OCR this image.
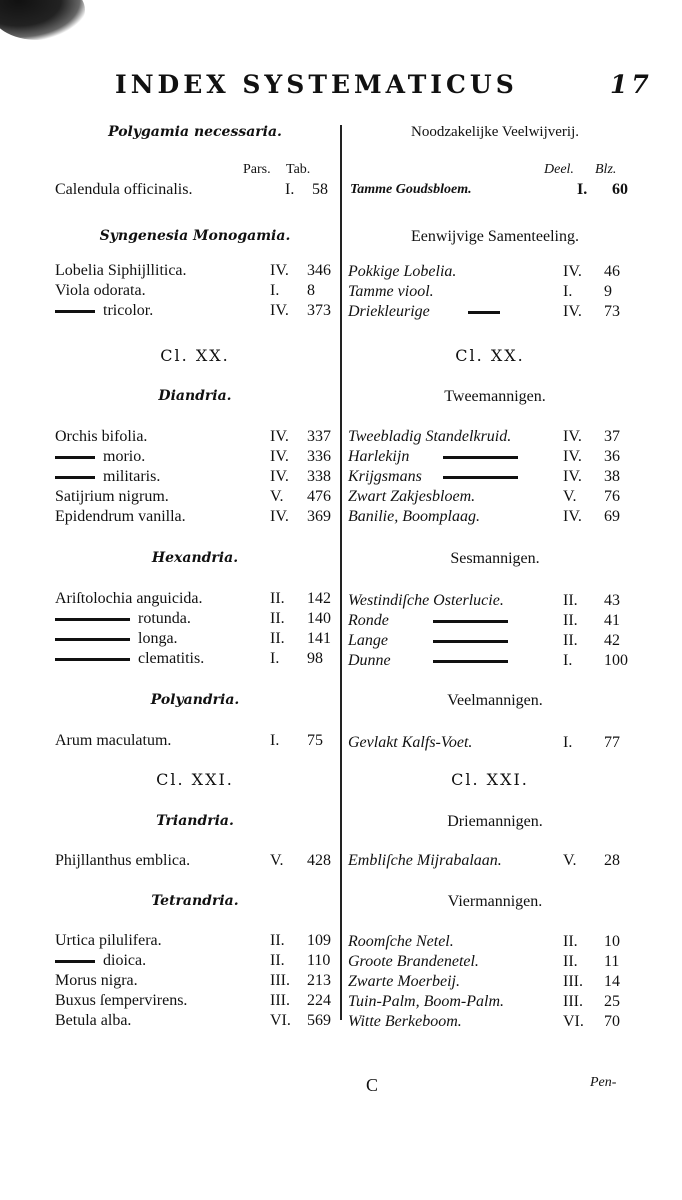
INDEX SYSTEMATICUS	17
Polygamia necessaria.
Pars. Tab.
Calendula officinalis.	I. 58
Syngenesia Monogamia.
Lobelia Siphijllitica.	IV. 346
Viola odorata.	I. 8
tricolor.	IV. 373
Cl. XX.
Diandria.
Orchis bifolia.	IV. 337
morio.	IV. 336
militaris.	IV. 338
Satijrium nigrum.	V. 476
Epidendrum vanilla.	IV. 369
Hexandria.
Ariſtolochia anguicida.	II. 142
rotunda.	II. 140
longa.	II. 141
clematitis.	I. 98
Polyandria.
Arum maculatum.	I. 75
Cl. XXI.
Triandria.
Phijllanthus emblica.	V. 428
Tetrandria.
Urtica pilulifera.	II. 109
dioica.	II. 110
Morus nigra.	III. 213
Buxus ſempervirens.	III. 224
Betula alba.	VI. 569
Noodzakelijke Veelwijverij.
Deel. Blz.
Tamme Goudsbloem.	I. 60
Eenwijvige Samenteeling.
Pokkige Lobelia.	IV. 46
Tamme viool.	I. 9
Driekleurige	IV. 73
Cl. XX.
Tweemannigen.
Tweebladig Standelkruid.	IV. 37
Harlekijn	IV. 36
Krijgsmans	IV. 38
Zwart Zakjesbloem.	V. 76
Banilie, Boomplaag.	IV. 69
Sesmannigen.
Westindiſche Osterlucie.	II. 43
Ronde	II. 41
Lange	II. 42
Dunne	I. 100
Veelmannigen.
Gevlakt Kalfs-Voet.	I. 77
Cl. XXI.
Driemannigen.
Embliſche Mijrabalaan.	V. 28
Viermannigen.
Roomſche Netel.	II. 10
Groote Brandenetel.	II. 11
Zwarte Moerbeij.	III. 14
Tuin-Palm, Boom-Palm.	III. 25
Witte Berkeboom.	VI. 70
C	Pen-
